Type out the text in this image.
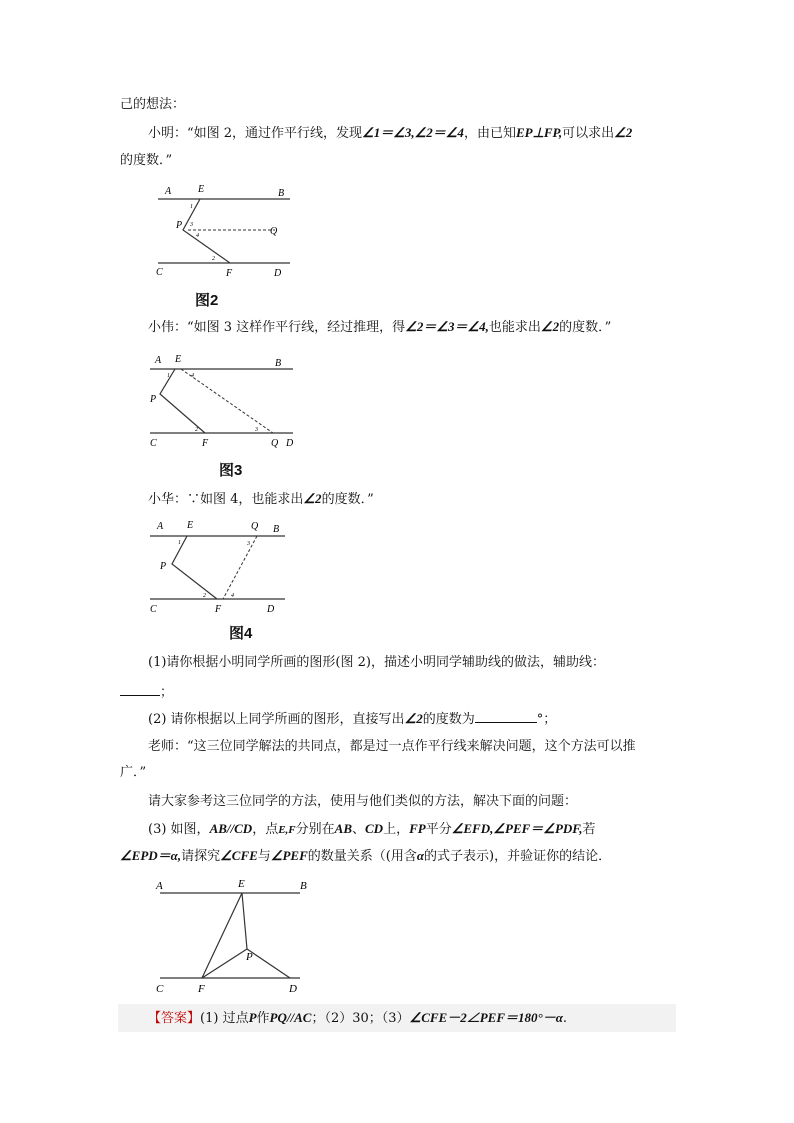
己的想法：
小明：“如图 2，通过作平行线，发现∠1＝∠3,∠2＝∠4，由已知EP⊥FP,可以求出∠2
的度数．”
A	E	B
P
Q
C	F	D
1
2
3
4
图2
小伟：“如图 3 这样作平行线，经过推理，得∠2＝∠3＝∠4,也能求出∠2的度数．”
A E	B
P
Q
C	F	D
1
2	3
4
图3
小华：∵如图 4，也能求出∠2的度数．”
A E	Q B
P
C	F	D
1
2
3
4
图4
(1)请你根据小明同学所画的图形(图 2)，描述小明同学辅助线的做法，辅助线：
；
(2) 请你根据以上同学所画的图形，直接写出∠2的度数为	°；
老师：“这三位同学解法的共同点，都是过一点作平行线来解决问题，这个方法可以推
广．”
请大家参考这三位同学的方法，使用与他们类似的方法，解决下面的问题：
(3) 如图，AB//CD，点E,F分别在AB、CD上，FP平分∠EFD,∠PEF＝∠PDF,若
∠EPD＝α,请探究∠CFE与∠PEF的数量关系（(用含α的式子表示)，并验证你的结论．
A	E	B
P
C	F	D
【答案】(1) 过点P作PQ//AC；（2）30；（3）∠CFE－2∠PEF＝180°－α.
